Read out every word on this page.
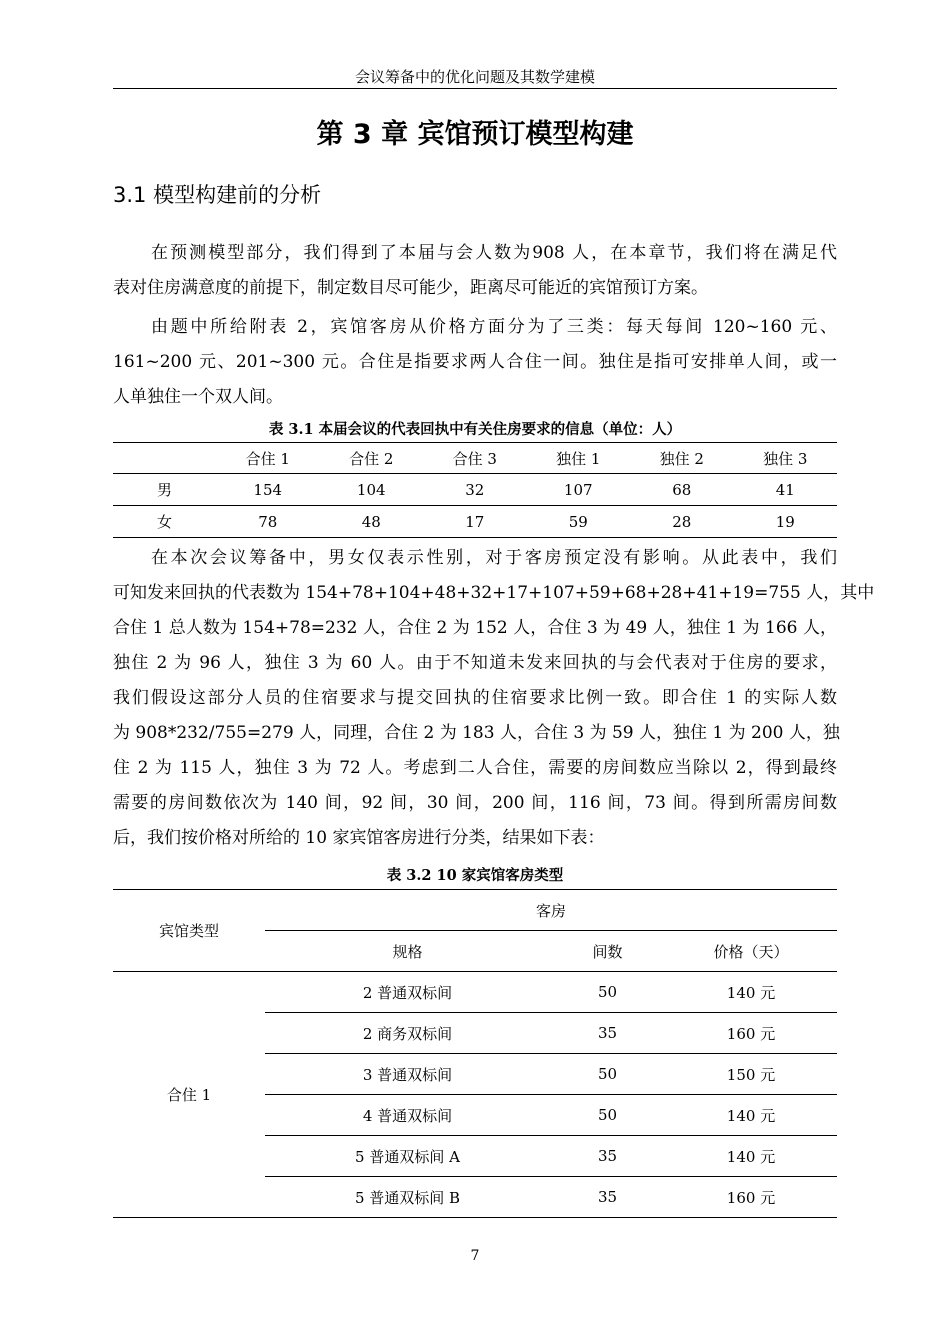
会议筹备中的优化问题及其数学建模
第 3 章 宾馆预订模型构建
3.1 模型构建前的分析
在预测模型部分，我们得到了本届与会人数为908 人，在本章节，我们将在满足代
表对住房满意度的前提下，制定数目尽可能少，距离尽可能近的宾馆预订方案。
由题中所给附表 2，宾馆客房从价格方面分为了三类：每天每间 120~160 元、
161~200 元、201~300 元。合住是指要求两人合住一间。独住是指可安排单人间，或一
人单独住一个双人间。
表 3.1 本届会议的代表回执中有关住房要求的信息（单位：人）
	合住 1	合住 2	合住 3	独住 1	独住 2	独住 3
男	154	104	32	107	68	41
女	78	48	17	59	28	19
在本次会议筹备中，男女仅表示性别，对于客房预定没有影响。从此表中，我们
可知发来回执的代表数为 154+78+104+48+32+17+107+59+68+28+41+19=755 人，其中
合住 1 总人数为 154+78=232 人，合住 2 为 152 人，合住 3 为 49 人，独住 1 为 166 人，
独住 2 为 96 人，独住 3 为 60 人。由于不知道未发来回执的与会代表对于住房的要求，
我们假设这部分人员的住宿要求与提交回执的住宿要求比例一致。即合住 1 的实际人数
为 908*232/755=279 人，同理，合住 2 为 183 人，合住 3 为 59 人，独住 1 为 200 人，独
住 2 为 115 人，独住 3 为 72 人。考虑到二人合住，需要的房间数应当除以 2，得到最终
需要的房间数依次为 140 间，92 间，30 间，200 间，116 间，73 间。得到所需房间数
后，我们按价格对所给的 10 家宾馆客房进行分类，结果如下表：
表 3.2 10 家宾馆客房类型
宾馆类型	客房		
	规格	间数	价格（天）
合住 1	2 普通双标间	50	140 元
	2 商务双标间	35	160 元
	3 普通双标间	50	150 元
	4 普通双标间	50	140 元
	5 普通双标间 A	35	140 元
	5 普通双标间 B	35	160 元
7
